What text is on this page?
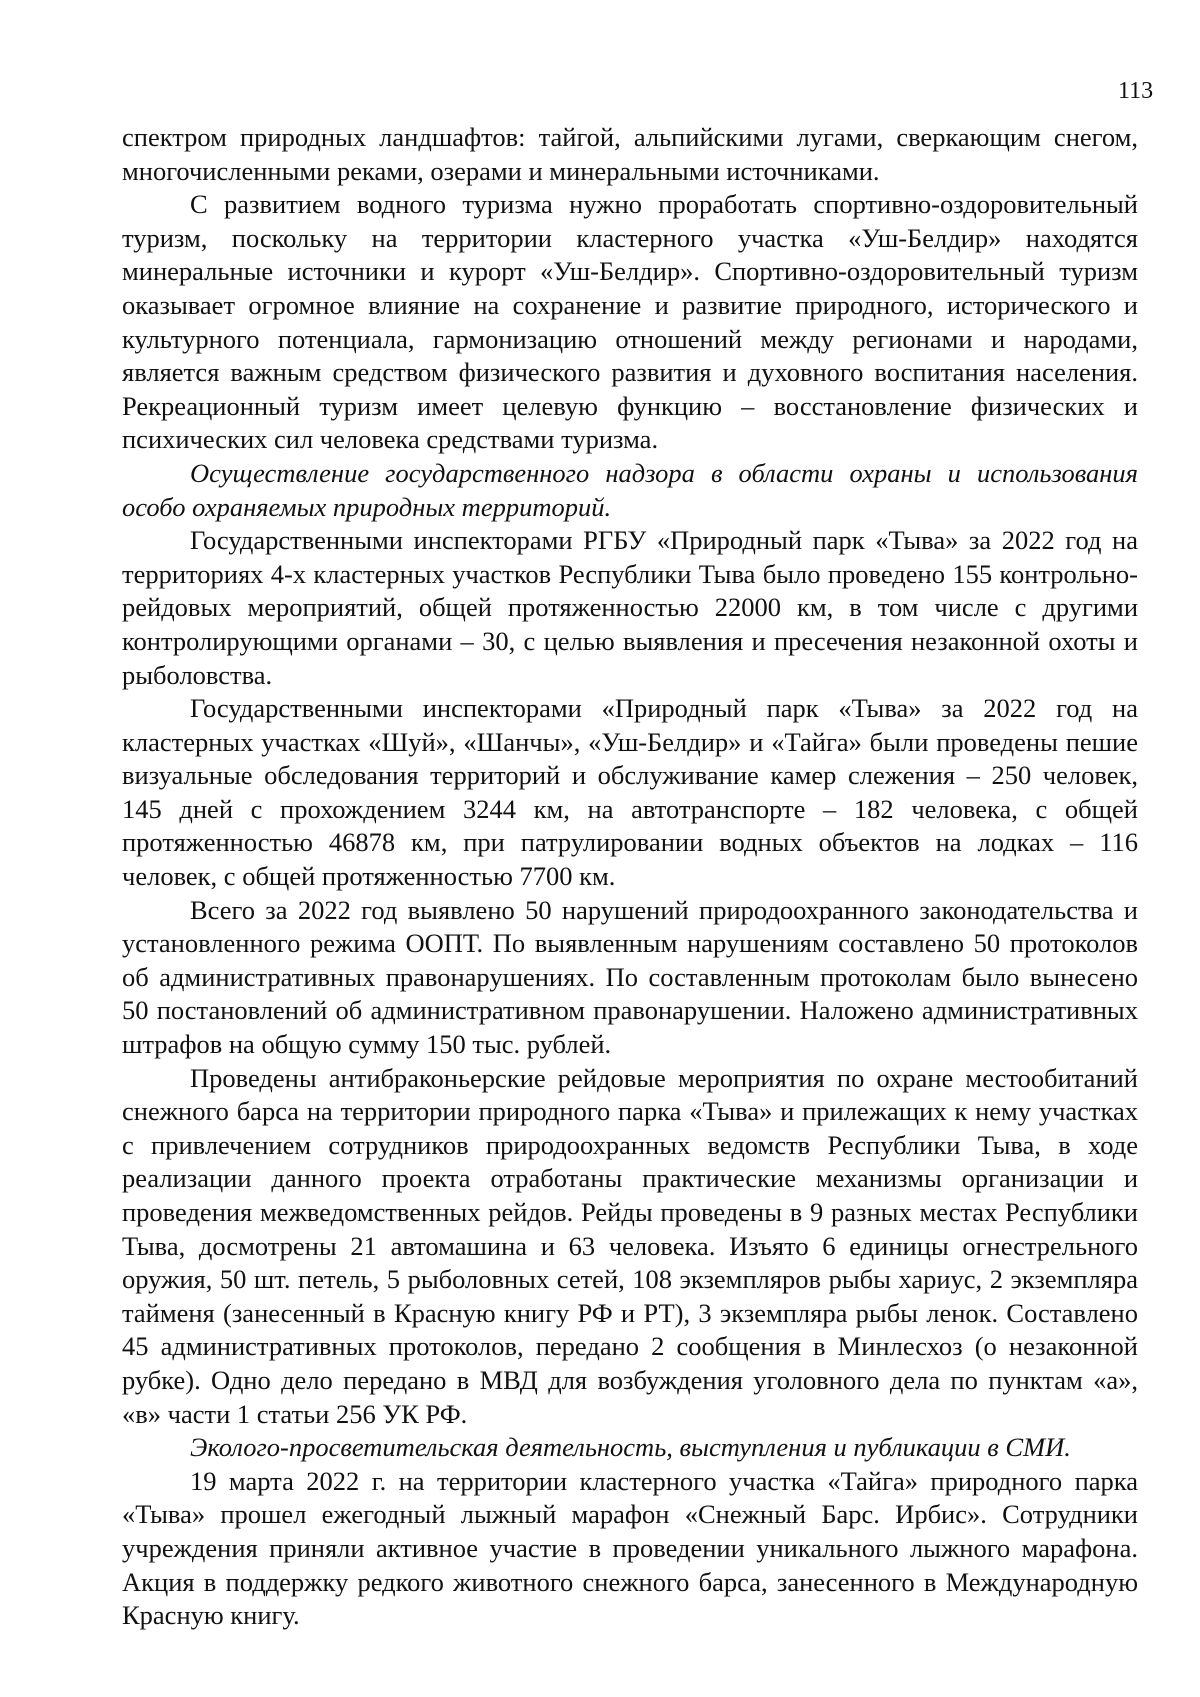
113

спектром природных ландшафтов: тайгой, альпийскими лугами, сверкающим снегом, многочисленными реками, озерами и минеральными источниками.

С развитием водного туризма нужно проработать спортивно-оздоровительный туризм, поскольку на территории кластерного участка «Уш-Белдир» находятся минеральные источники и курорт «Уш-Белдир». Спортивно-оздоровительный туризм оказывает огромное влияние на сохранение и развитие природного, исторического и культурного потенциала, гармонизацию отношений между регионами и народами, является важным средством физического развития и духовного воспитания населения. Рекреационный туризм имеет целевую функцию – восстановление физических и психических сил человека средствами туризма.

Осуществление государственного надзора в области охраны и использования особо охраняемых природных территорий.

Государственными инспекторами РГБУ «Природный парк «Тыва» за 2022 год на территориях 4-х кластерных участков Республики Тыва было проведено 155 контрольно-рейдовых мероприятий, общей протяженностью 22000 км, в том числе с другими контролирующими органами – 30, с целью выявления и пресечения незаконной охоты и рыболовства.

Государственными инспекторами «Природный парк «Тыва» за 2022 год на кластерных участках «Шуй», «Шанчы», «Уш-Белдир» и «Тайга» были проведены пешие визуальные обследования территорий и обслуживание камер слежения – 250 человек, 145 дней с прохождением 3244 км, на автотранспорте – 182 человека, с общей протяженностью 46878 км, при патрулировании водных объектов на лодках – 116 человек, с общей протяженностью 7700 км.

Всего за 2022 год выявлено 50 нарушений природоохранного законодательства и установленного режима ООПТ. По выявленным нарушениям составлено 50 протоколов об административных правонарушениях. По составленным протоколам было вынесено 50 постановлений об административном правонарушении. Наложено административных штрафов на общую сумму 150 тыс. рублей.

Проведены антибраконьерские рейдовые мероприятия по охране местообитаний снежного барса на территории природного парка «Тыва» и прилежащих к нему участках с привлечением сотрудников природоохранных ведомств Республики Тыва, в ходе реализации данного проекта отработаны практические механизмы организации и проведения межведомственных рейдов. Рейды проведены в 9 разных местах Республики Тыва, досмотрены 21 автомашина и 63 человека. Изъято 6 единицы огнестрельного оружия, 50 шт. петель, 5 рыболовных сетей, 108 экземпляров рыбы хариус, 2 экземпляра тайменя (занесенный в Красную книгу РФ и РТ), 3 экземпляра рыбы ленок. Составлено 45 административных протоколов, передано 2 сообщения в Минлесхоз (о незаконной рубке). Одно дело передано в МВД для возбуждения уголовного дела по пунктам «а», «в» части 1 статьи 256 УК РФ.

Эколого-просветительская деятельность, выступления и публикации в СМИ.

19 марта 2022 г. на территории кластерного участка «Тайга» природного парка «Тыва» прошел ежегодный лыжный марафон «Снежный Барс. Ирбис». Сотрудники учреждения приняли активное участие в проведении уникального лыжного марафона. Акция в поддержку редкого животного снежного барса, занесенного в Международную Красную книгу.
